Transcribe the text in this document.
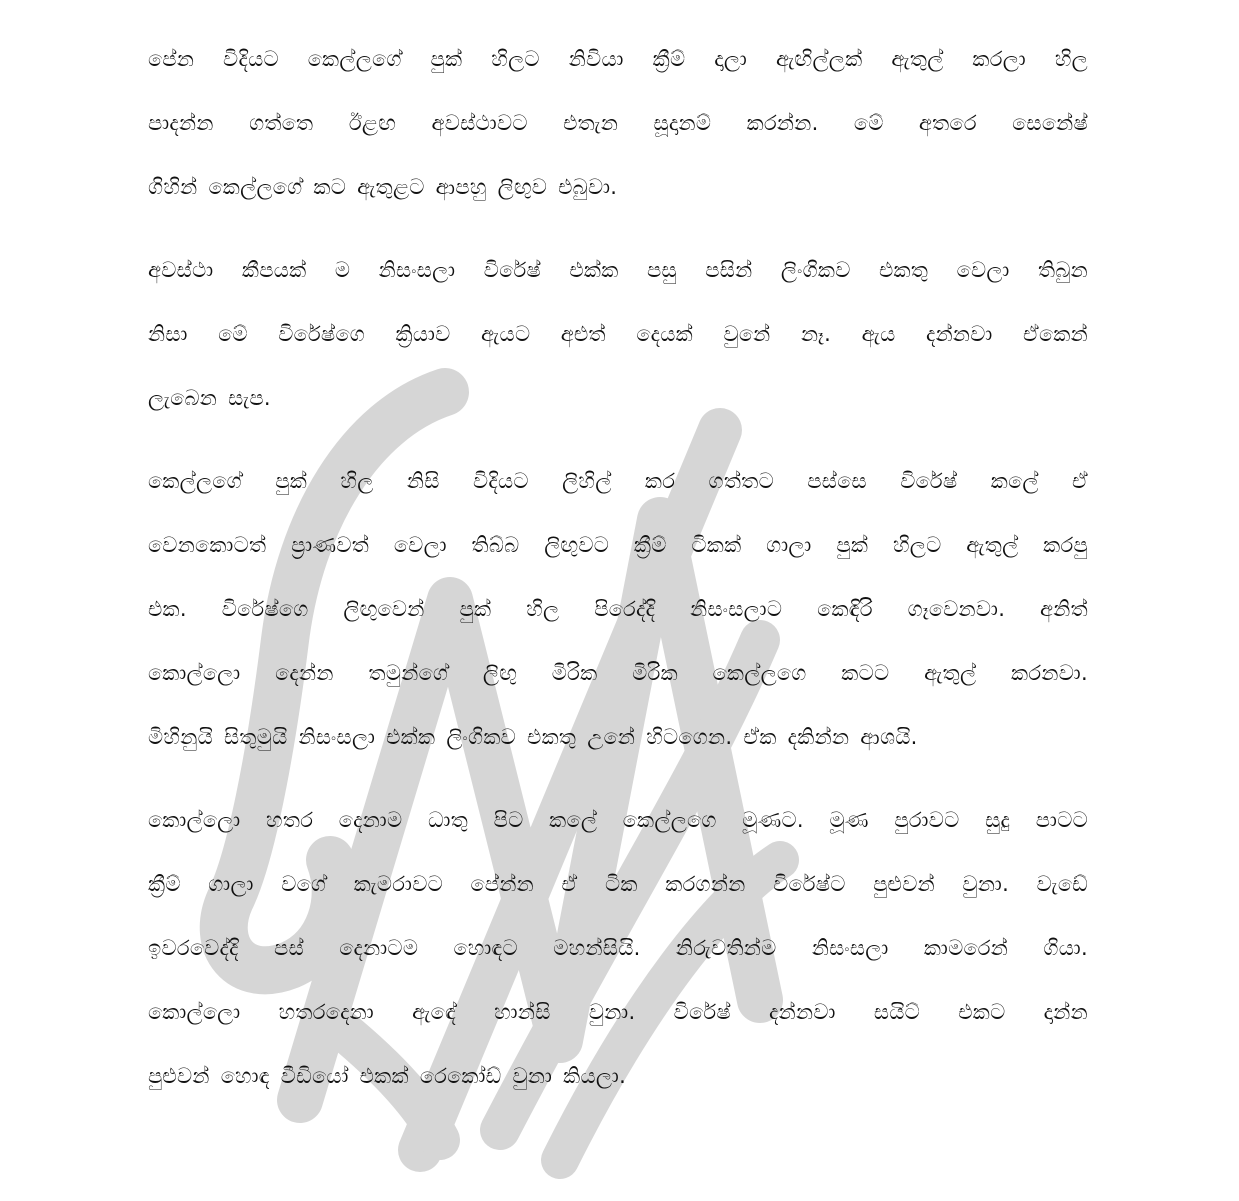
පේන විදියට කෙල්ලගේ පුක් හිලට නිවියා ක්‍රීම් දාලා ඇඟිල්ලක් ඇතුල් කරලා හිල
පාදන්න ගත්තෙ ඊළඟ අවස්ථාවට එතැන සූදානම් කරන්න. මේ අතරෙ සෙනේෂ්
ගිහින් කෙල්ලගේ කට ඇතුළට ආපහු ලිඟුව එබුවා.
අවස්ථා කීපයක් ම නිසංසලා විරේෂ් එක්ක පසු පසින් ලිංගිකව එකතු වෙලා තිබුන
නිසා මේ විරේෂ්ගෙ ක්‍රියාව ඇයට අළුත් දෙයක් වුනේ නෑ. ඇය දන්නවා ඒකෙන්
ලැබෙන සැප.
කෙල්ලගේ පුක් හිල නිසි විදියට ලිහිල් කර ගත්තට පස්සෙ විරේෂ් කලේ ඒ
වෙනකොටත් ප්‍රාණවත් වෙලා තිබ්බ ලිඟුවට ක්‍රීම් ටිකක් ගාලා පුක් හිලට ඇතුල් කරපු
එක. විරේෂ්ගෙ ලිඟුවෙන් පුක් හිල පිරෙද්දි නිසංසලාට කෙඳිරි ගෑවෙනවා. අනිත්
කොල්ලො දෙන්න තමුන්ගේ ලිඟු මිරික මිරික කෙල්ලගෙ කටට ඇතුල් කරනවා.
මිහිනුයි සිතුමුයි නිසංසලා එක්ක ලිංගිකව එකතු උනේ හිටගෙන. ඒක දකින්න ආශයි.
කොල්ලො හතර දෙනාම ධාතු පිට කලේ කෙල්ලගෙ මූණට. මූණ පුරාවට සුදු පාටට
ක්‍රීම් ගාලා වගේ කැමරාවට පේන්න ඒ ටික කරගන්න විරේෂ්ට පුළුවන් වුනා. වැඩේ
ඉවරවෙද්දි පස් දෙනාටම හොඳට මහන්සියි. නිරුවතින්ම නිසංසලා කාමරෙන් ගියා.
කොල්ලො හතරදෙනා ඇඳේ හාන්සි වුනා. විරේෂ් දන්නවා සයිට් එකට දාන්න
පුළුවන් හොඳ වීඩියෝ එකක් රෙකෝඩ් වුනා කියලා.
